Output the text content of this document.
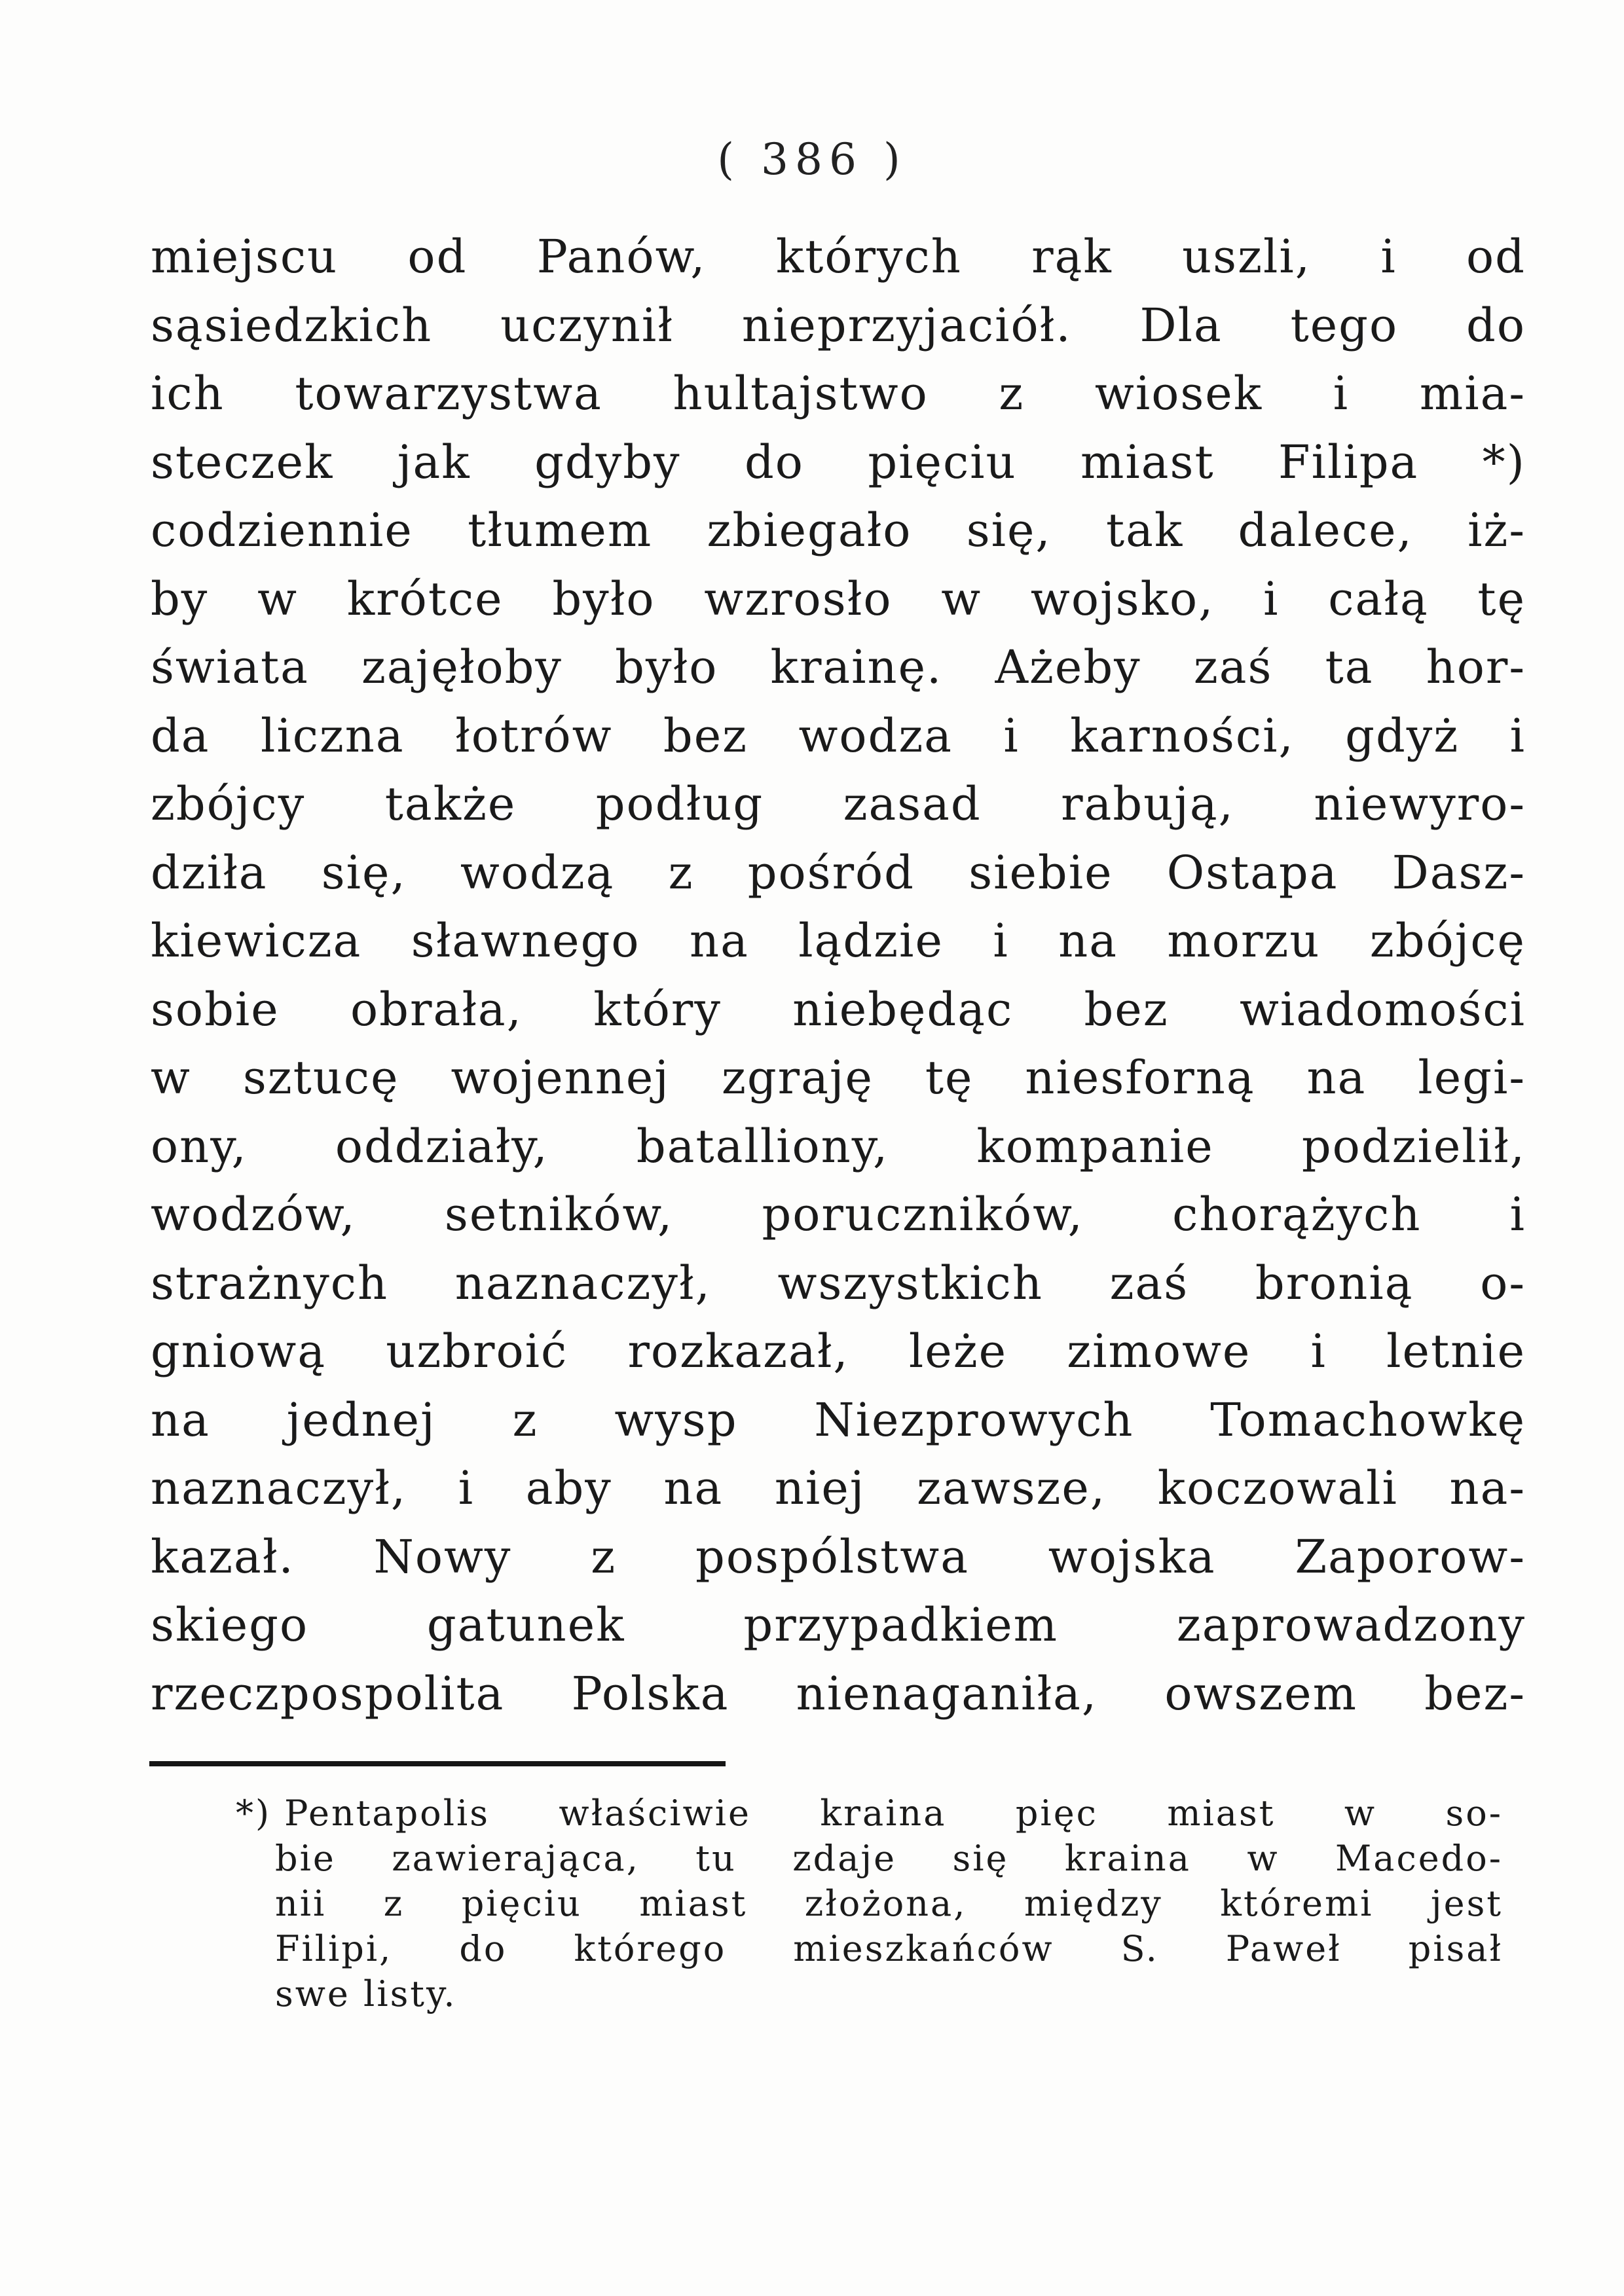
( 386 )
miejscu od Panów, których rąk uszli, i od
sąsiedzkich uczynił nieprzyjaciół. Dla tego do
ich towarzystwa hultajstwo z wiosek i mia-
steczek jak gdyby do pięciu miast Filipa *)
codziennie tłumem zbiegało się, tak dalece, iż-
by w krótce było wzrosło w wojsko, i całą tę
świata zajęłoby było krainę. Ażeby zaś ta hor-
da liczna łotrów bez wodza i karności, gdyż i
zbójcy także podług zasad rabują, niewyro-
dziła się, wodzą z pośród siebie Ostapa Dasz-
kiewicza sławnego na lądzie i na morzu zbójcę
sobie obrała, który niebędąc bez wiadomości
w sztucę wojennej zgraję tę niesforną na legi-
ony, oddziały, batalliony, kompanie podzielił,
wodzów, setników, poruczników, chorążych i
strażnych naznaczył, wszystkich zaś bronią o-
gniową uzbroić rozkazał, leże zimowe i letnie
na jednej z wysp Niezprowych Tomachowkę
naznaczył, i aby na niej zawsze, koczowali na-
kazał. Nowy z pospólstwa wojska Zaporow-
skiego gatunek przypadkiem zaprowadzony
rzeczpospolita Polska nienaganiła, owszem bez-
*) Pentapolis właściwie kraina pięc miast w so-
bie zawierająca, tu zdaje się kraina w Macedo-
nii z pięciu miast złożona, między któremi jest
Filipi, do którego mieszkańców S. Paweł pisał
swe listy.
